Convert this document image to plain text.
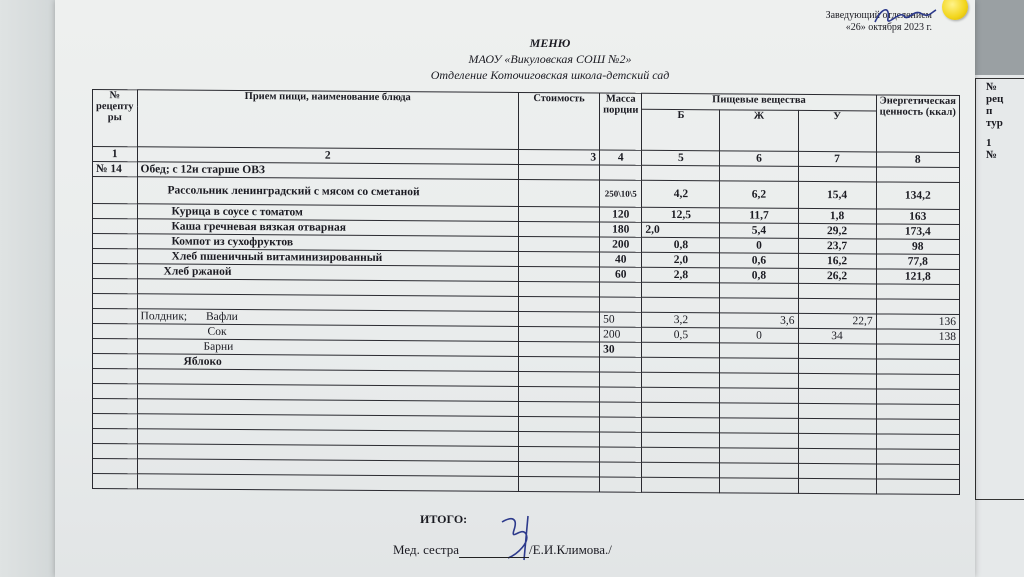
№
рец
п
тур
1
№
Заведующий отделением
«26» октября 2023 г.
МЕНЮ
МАОУ «Викуловская СОШ №2»
Отделение Коточиговская школа-детский сад
№ рецепту ры	Прием пищи, наименование блюда	Стоимость	Масса порции	Пищевые вещества			Энергетическая ценность (ккал)
				Б	Ж	У	
1	2	3	4	5	6	7	8
№ 14	Обед; с 12и старше ОВЗ						
	Рассольник ленинградский с мясом со сметаной		250\10\5	4,2	6,2	15,4	134,2
	Курица в соусе с томатом		120	12,5	11,7	1,8	163
	Каша гречневая вязкая отварная		180	2,0	5,4	29,2	173,4
	Компот из сухофруктов		200	0,8	0	23,7	98
	Хлеб пшеничный витаминизированный		40	2,0	0,6	16,2	77,8
	Хлеб ржаной		60	2,8	0,8	26,2	121,8

	Полдник; Вафли		50	3,2	3,6	22,7	136
	Сок		200	0,5	0	34	138
	Барни		30				
	Яблоко						

ИТОГО:
Мед. сестра	/Е.И.Климова./
